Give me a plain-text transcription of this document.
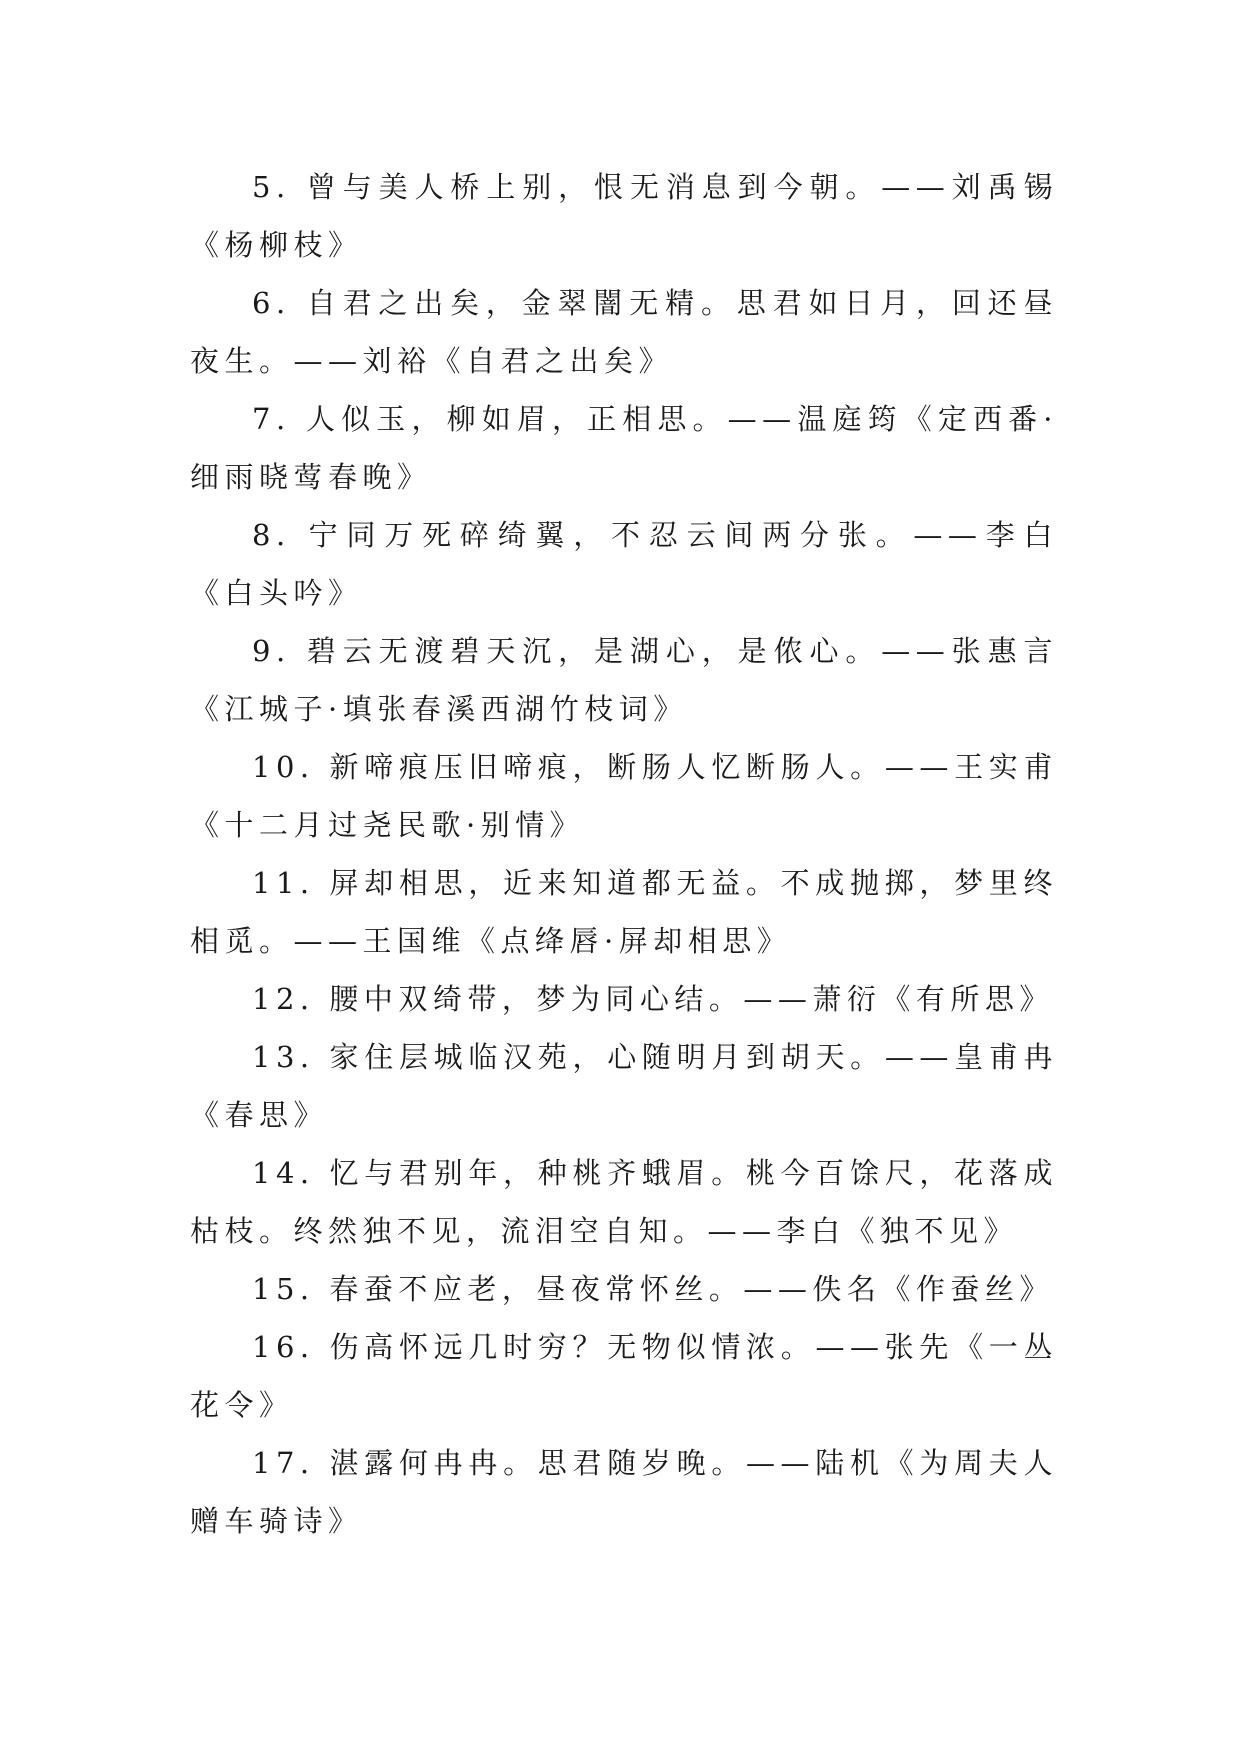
5. 曾与美人桥上别，恨无消息到今朝。——刘禹锡《杨柳枝》

6. 自君之出矣，金翠闇无精。思君如日月，回还昼夜生。——刘裕《自君之出矣》

7. 人似玉，柳如眉，正相思。——温庭筠《定西番·细雨晓莺春晚》

8. 宁同万死碎绮翼，不忍云间两分张。——李白《白头吟》

9. 碧云无渡碧天沉，是湖心，是侬心。——张惠言《江城子·填张春溪西湖竹枝词》

10. 新啼痕压旧啼痕，断肠人忆断肠人。——王实甫《十二月过尧民歌·别情》

11. 屏却相思，近来知道都无益。不成抛掷，梦里终相觅。——王国维《点绛唇·屏却相思》

12. 腰中双绮带，梦为同心结。——萧衍《有所思》

13. 家住层城临汉苑，心随明月到胡天。——皇甫冉《春思》

14. 忆与君别年，种桃齐蛾眉。桃今百馀尺，花落成枯枝。终然独不见，流泪空自知。——李白《独不见》

15. 春蚕不应老，昼夜常怀丝。——佚名《作蚕丝》

16. 伤高怀远几时穷？无物似情浓。——张先《一丛花令》

17. 湛露何冉冉。思君随岁晚。——陆机《为周夫人赠车骑诗》
